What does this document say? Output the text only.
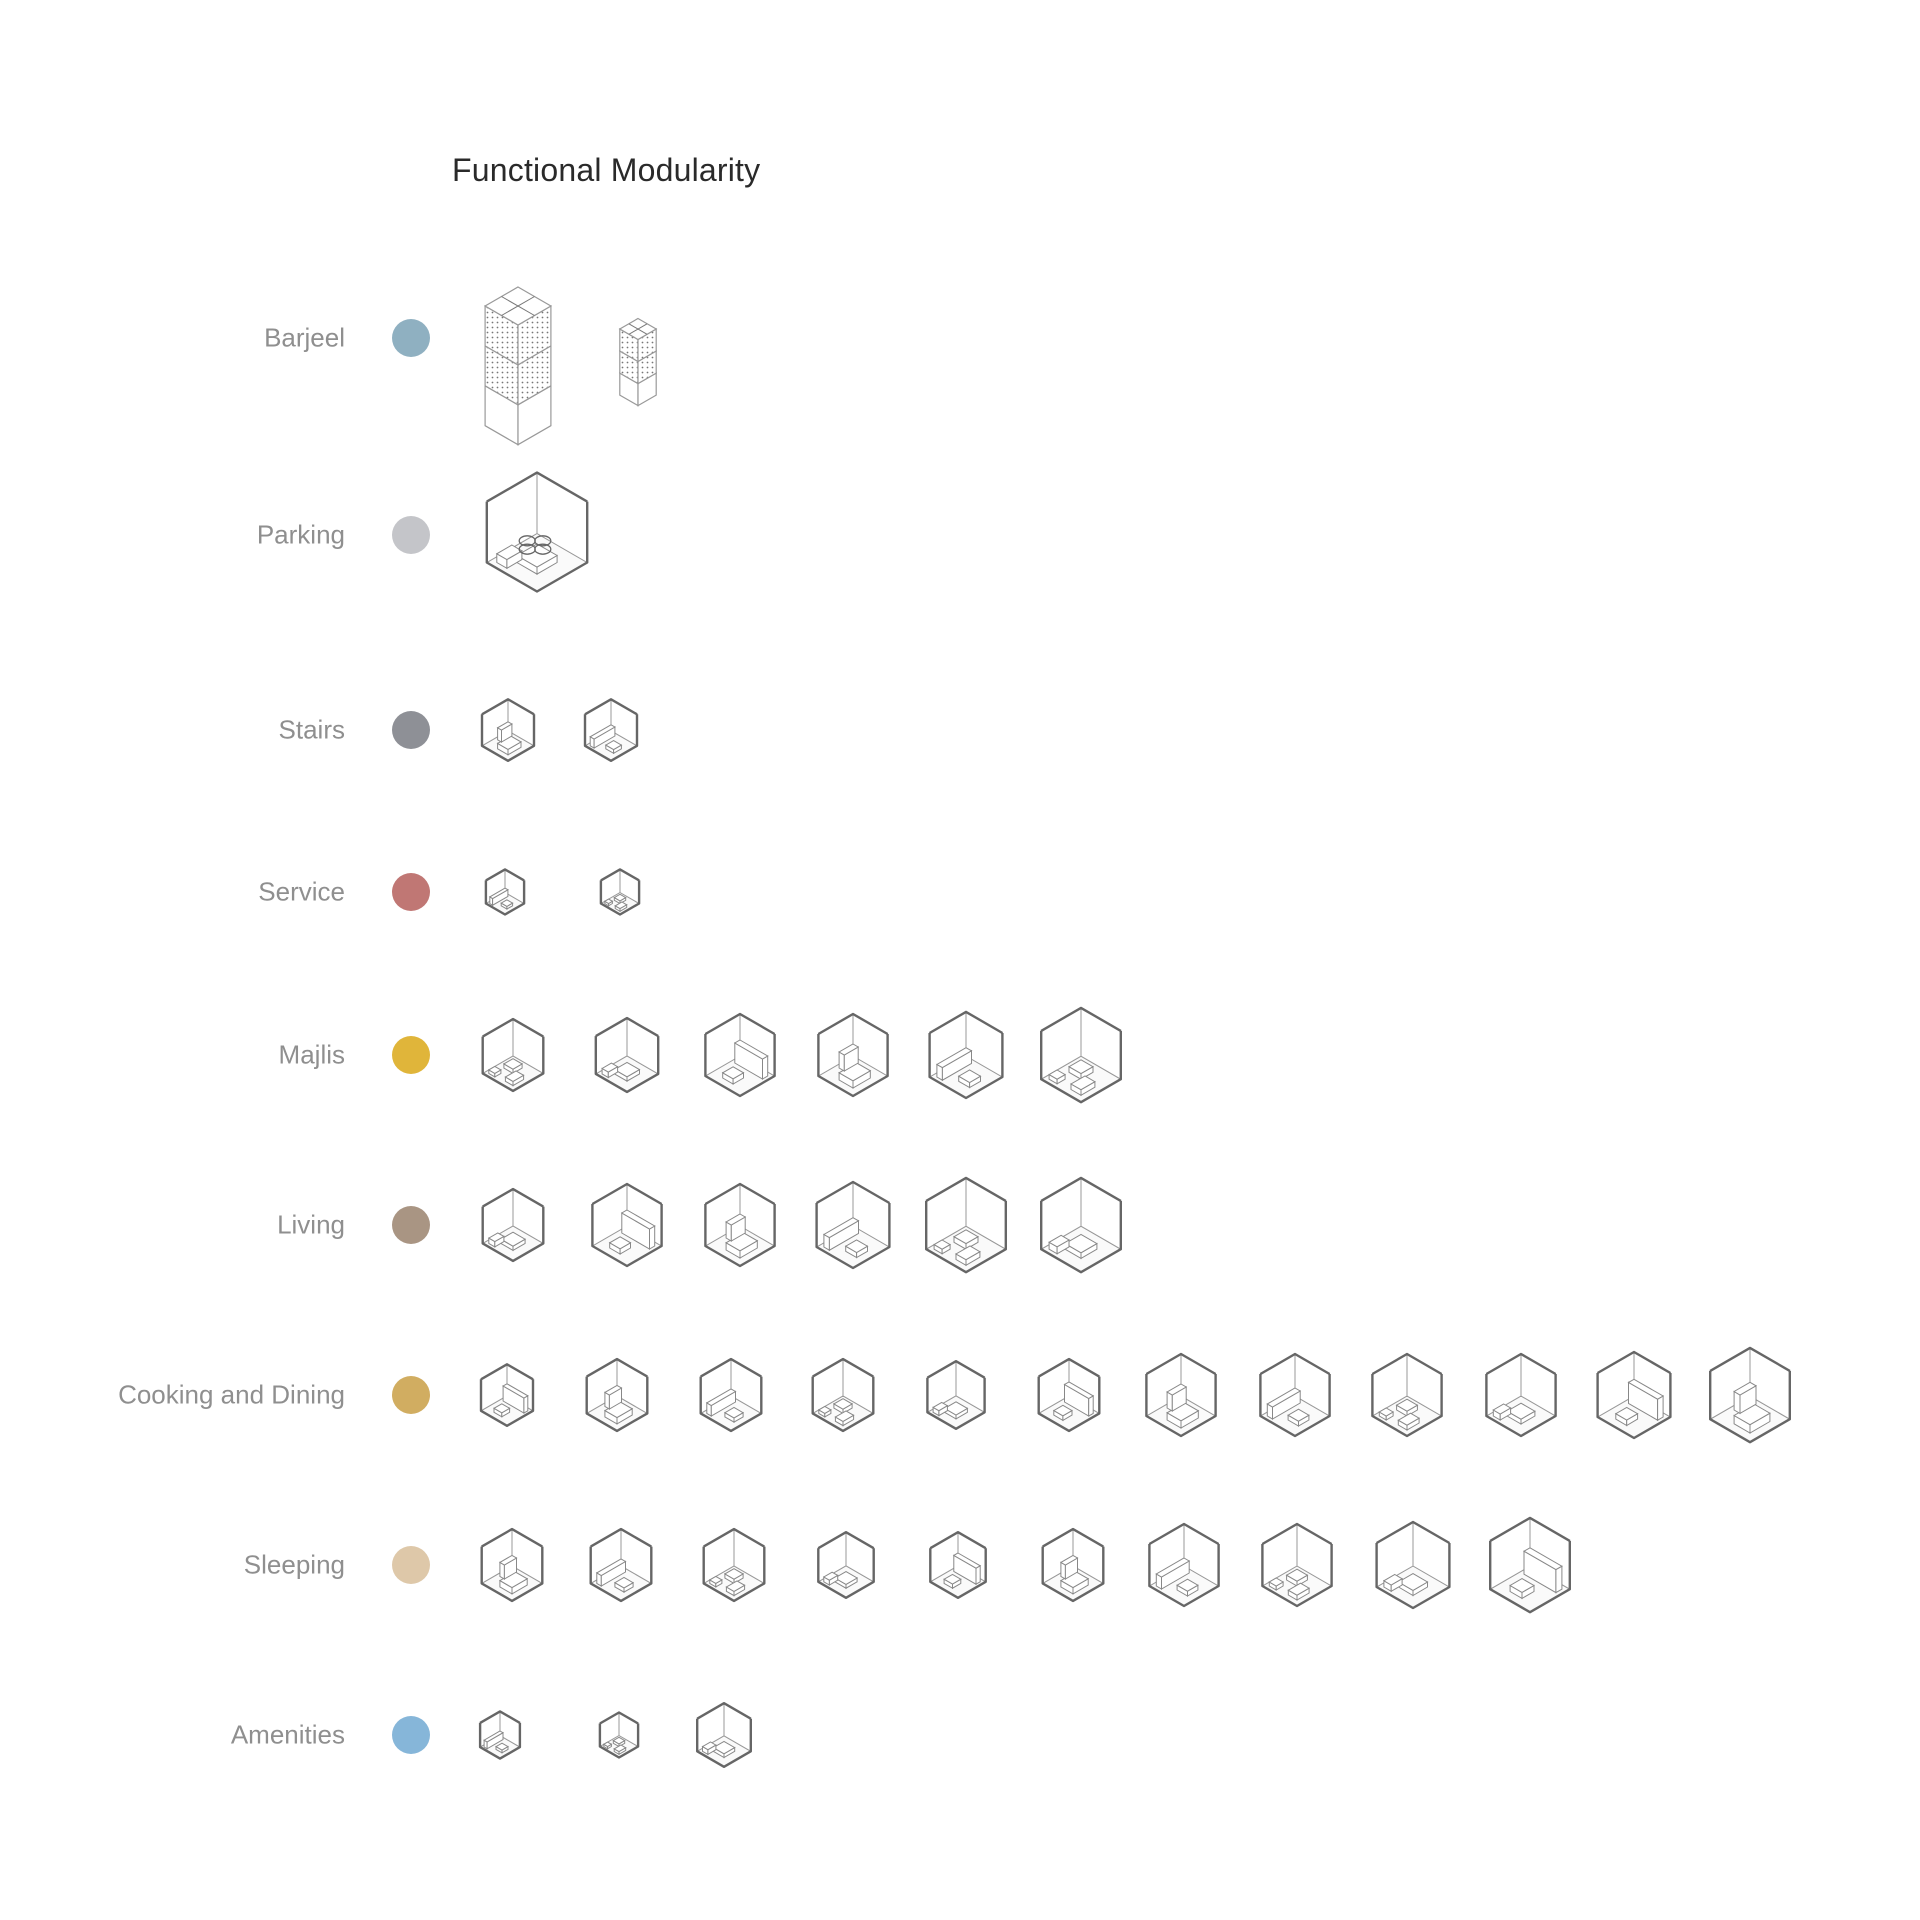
Functional Modularity
Barjeel
Parking
Stairs
Service
Majlis
Living
Cooking and Dining
Sleeping
Amenities
